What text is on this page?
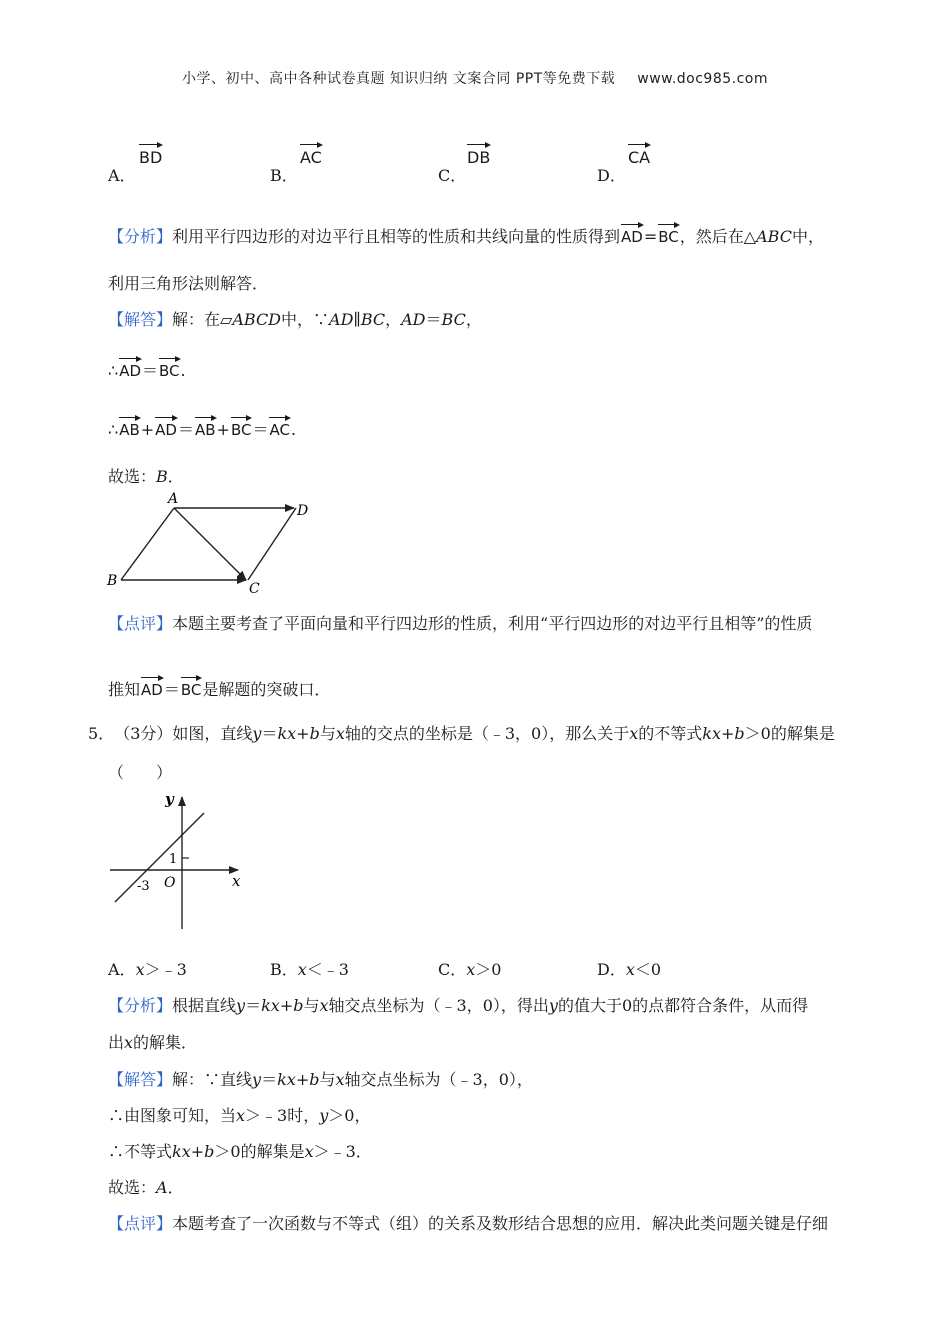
小学、初中、高中各种试卷真题 知识归纳 文案合同 PPT等免费下载 www.doc985.com
A．
BD
B．
AC
C．
DB
D．
CA
【分析】利用平行四边形的对边平行且相等的性质和共线向量的性质得到
AD=
BC，然后在△ABC中，
利用三角形法则解答．
【解答】解：在▱ABCD中，∵AD∥BC，AD＝BC，
∴
AD＝
BC.
∴
AB+
AD＝
AB+
BC＝
AC.
故选：B．
A
B	C
D
【点评】本题主要考查了平面向量和平行四边形的性质，利用“平行四边形的对边平行且相等”的性质
推知
AD＝
BC是解题的突破口．
5． （3分）如图，直线y＝kx+b与x轴的交点的坐标是（﹣3，0），那么关于x的不等式kx+b＞0的解集是
（　　）
y
x
O
1
-3
A．x＞﹣3	B．x＜﹣3	C．x＞0	D．x＜0
【分析】根据直线y＝kx+b与x轴交点坐标为（﹣3，0），得出y的值大于0的点都符合条件，从而得
出x的解集．
【解答】解：∵直线y＝kx+b与x轴交点坐标为（﹣3，0），
∴由图象可知，当x＞﹣3时，y＞0，
∴不等式kx+b＞0的解集是x＞﹣3．
故选：A．
【点评】本题考查了一次函数与不等式（组）的关系及数形结合思想的应用．解决此类问题关键是仔细
